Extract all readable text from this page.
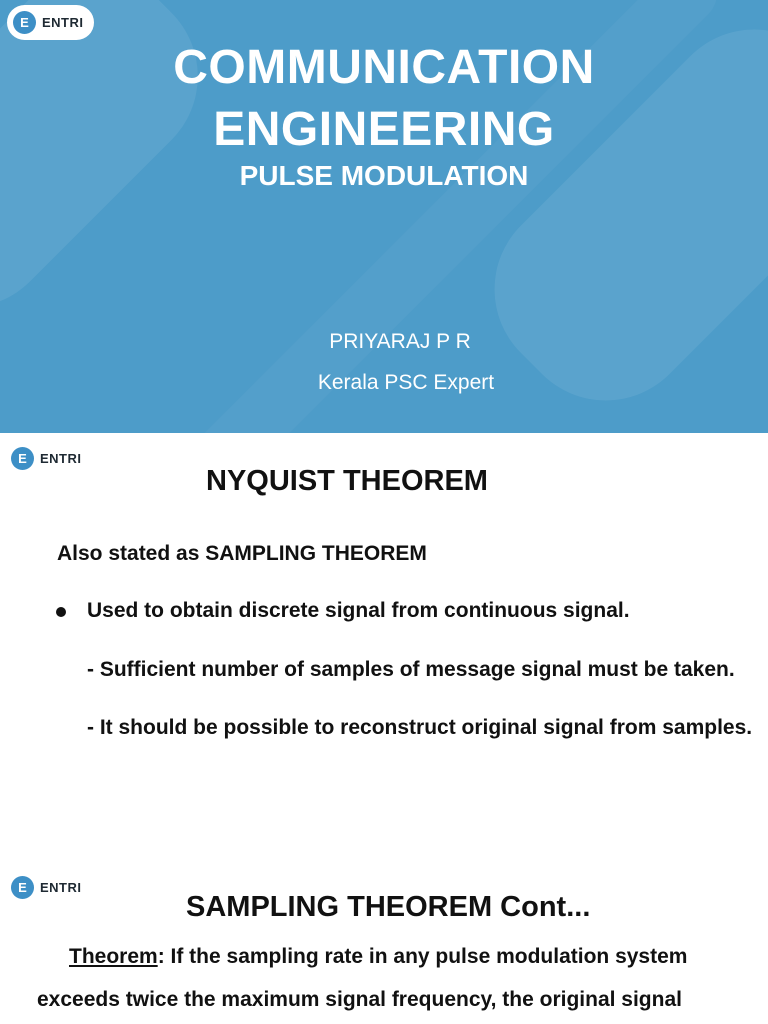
E	ENTRI
COMMUNICATION
ENGINEERING
PULSE MODULATION
PRIYARAJ P R
Kerala PSC Expert
E	ENTRI
NYQUIST THEOREM
Also stated as SAMPLING THEOREM
Used to obtain discrete signal from continuous signal.
- Sufficient number of samples of message signal must be taken.
- It should be possible to reconstruct original signal from samples.
E	ENTRI
SAMPLING THEOREM Cont...
Theorem: If the sampling rate in any pulse modulation system
exceeds twice the maximum signal frequency, the original signal
